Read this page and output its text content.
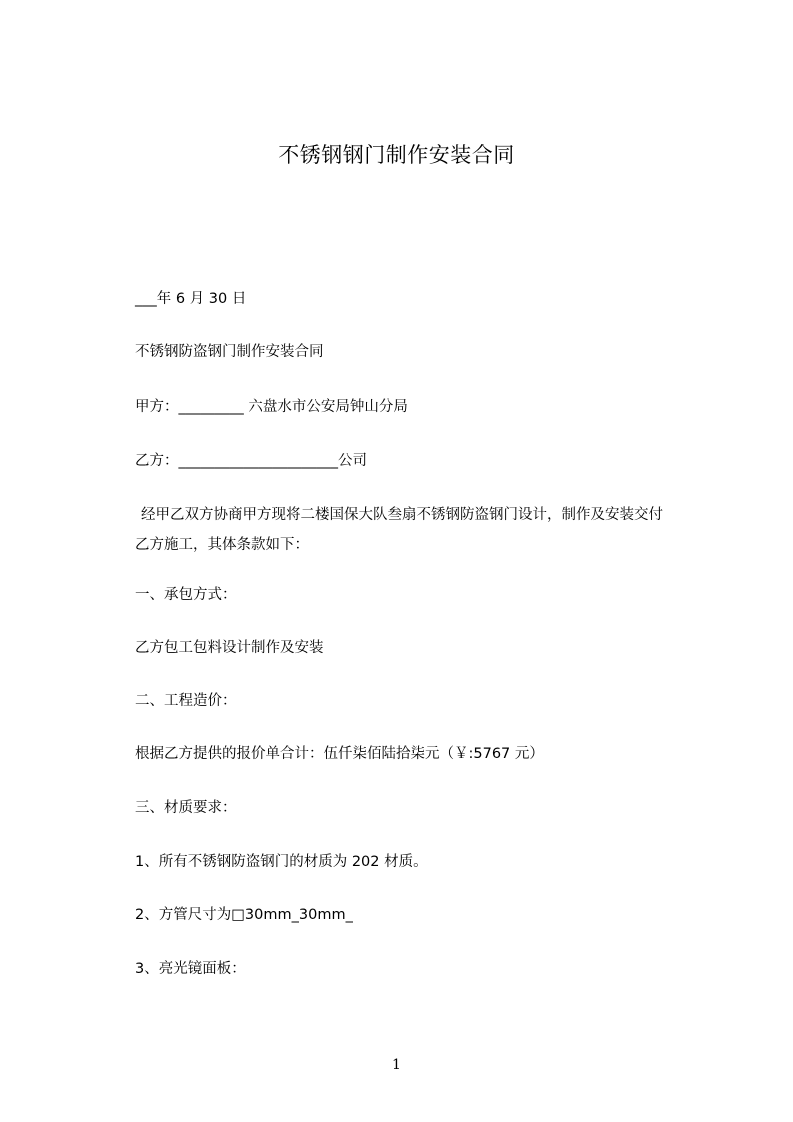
不锈钢钢门制作安装合同
___年 6 月 30 日
不锈钢防盗钢门制作安装合同
甲方：_________ 六盘水市公安局钟山分局
乙方：______________________公司
经甲乙双方协商甲方现将二楼国保大队叁扇不锈钢防盗钢门设计，制作及安装交付乙方施工，其体条款如下：
一、承包方式：
乙方包工包料设计制作及安装
二、工程造价：
根据乙方提供的报价单合计：伍仟柒佰陆拾柒元（￥:5767 元）
三、材质要求：
1、所有不锈钢防盗钢门的材质为 202 材质。
2、方管尺寸为□30mm_30mm_
3、亮光镜面板：
1
